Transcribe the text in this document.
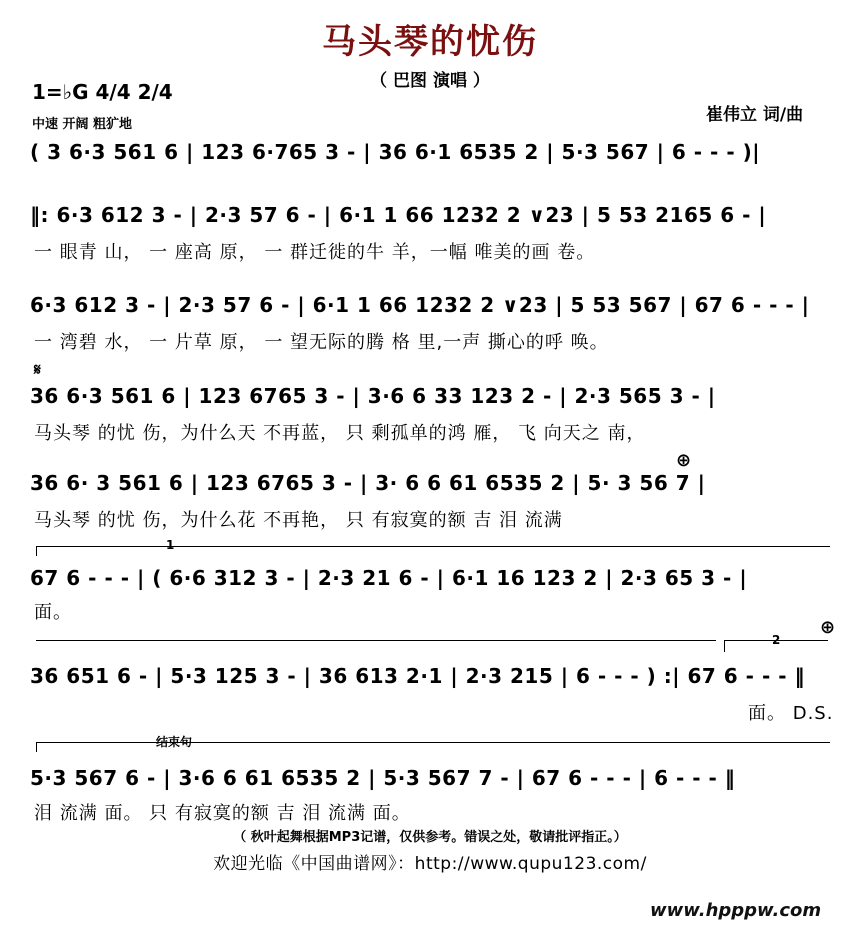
马头琴的忧伤
（ 巴图 演唱 ）
1=♭G 4/4 2/4
中速 开阔 粗犷地	崔伟立 词/曲
( 3 6·3 561 6 | 123 6·765 3 - | 36 6·1 6535 2 | 5·3 567 | 6 - - - )|
‖: 6·3 612 3 - | 2·3 57 6 - | 6·1 1 66 1232 2 ∨23 | 5 53 2165 6 - |
一 眼青 山， 一 座高 原， 一 群迁徙的牛 羊，一幅 唯美的画 卷。
6·3 612 3 - | 2·3 57 6 - | 6·1 1 66 1232 2 ∨23 | 5 53 567 | 67 6 - - - |
一 湾碧 水， 一 片草 原， 一 望无际的腾 格 里,一声 撕心的呼 唤。
𝄋
36 6·3 561 6 | 123 6765 3 - | 3·6 6 33 123 2 - | 2·3 565 3 - |
马头琴 的忧 伤，为什么天 不再蓝， 只 剩孤单的鸿 雁， 飞 向天之 南，
⊕
36 6· 3 561 6 | 123 6765 3 - | 3· 6 6 61 6535 2 | 5· 3 56 7 |
马头琴 的忧 伤，为什么花 不再艳， 只 有寂寞的额 吉 泪 流满
1
67 6 - - - | ( 6·6 312 3 - | 2·3 21 6 - | 6·1 16 123 2 | 2·3 65 3 - |
面。
2
⊕
36 651 6 - | 5·3 125 3 - | 36 613 2·1 | 2·3 215 | 6 - - - ) :| 67 6 - - - ‖
面。 D.S.
结束句
5·3 567 6 - | 3·6 6 61 6535 2 | 5·3 567 7 - | 67 6 - - - | 6 - - - ‖
泪 流满 面。 只 有寂寞的额 吉 泪 流满 面。
（ 秋叶起舞根据MP3记谱，仅供参考。错误之处，敬请批评指正。）
欢迎光临《中国曲谱网》：http://www.qupu123.com/
www.hpppw.com
